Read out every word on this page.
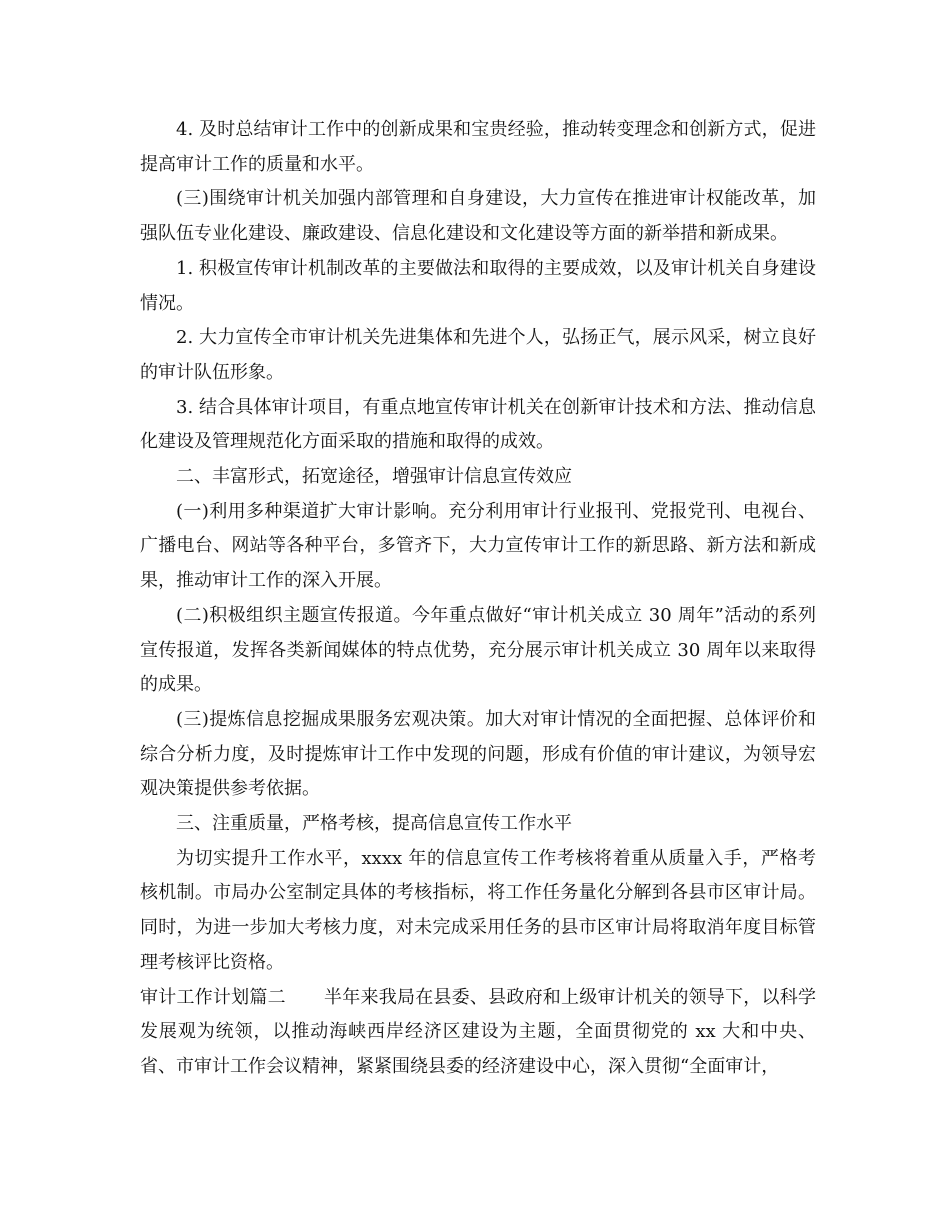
4. 及时总结审计工作中的创新成果和宝贵经验，推动转变理念和创新方式，促进提高审计工作的质量和水平。

(三)围绕审计机关加强内部管理和自身建设，大力宣传在推进审计权能改革，加强队伍专业化建设、廉政建设、信息化建设和文化建设等方面的新举措和新成果。

1. 积极宣传审计机制改革的主要做法和取得的主要成效，以及审计机关自身建设情况。

2. 大力宣传全市审计机关先进集体和先进个人，弘扬正气，展示风采，树立良好的审计队伍形象。

3. 结合具体审计项目，有重点地宣传审计机关在创新审计技术和方法、推动信息化建设及管理规范化方面采取的措施和取得的成效。

二、丰富形式，拓宽途径，增强审计信息宣传效应

(一)利用多种渠道扩大审计影响。充分利用审计行业报刊、党报党刊、电视台、广播电台、网站等各种平台，多管齐下，大力宣传审计工作的新思路、新方法和新成果，推动审计工作的深入开展。

(二)积极组织主题宣传报道。今年重点做好“审计机关成立 30 周年”活动的系列宣传报道，发挥各类新闻媒体的特点优势，充分展示审计机关成立 30 周年以来取得的成果。

(三)提炼信息挖掘成果服务宏观决策。加大对审计情况的全面把握、总体评价和综合分析力度，及时提炼审计工作中发现的问题，形成有价值的审计建议，为领导宏观决策提供参考依据。

三、注重质量，严格考核，提高信息宣传工作水平

为切实提升工作水平，xxxx 年的信息宣传工作考核将着重从质量入手，严格考核机制。市局办公室制定具体的考核指标，将工作任务量化分解到各县市区审计局。同时，为进一步加大考核力度，对未完成采用任务的县市区审计局将取消年度目标管理考核评比资格。

审计工作计划篇二 半年来我局在县委、县政府和上级审计机关的领导下，以科学发展观为统领，以推动海峡西岸经济区建设为主题，全面贯彻党的 xx 大和中央、省、市审计工作会议精神，紧紧围绕县委的经济建设中心，深入贯彻“全面审计，
